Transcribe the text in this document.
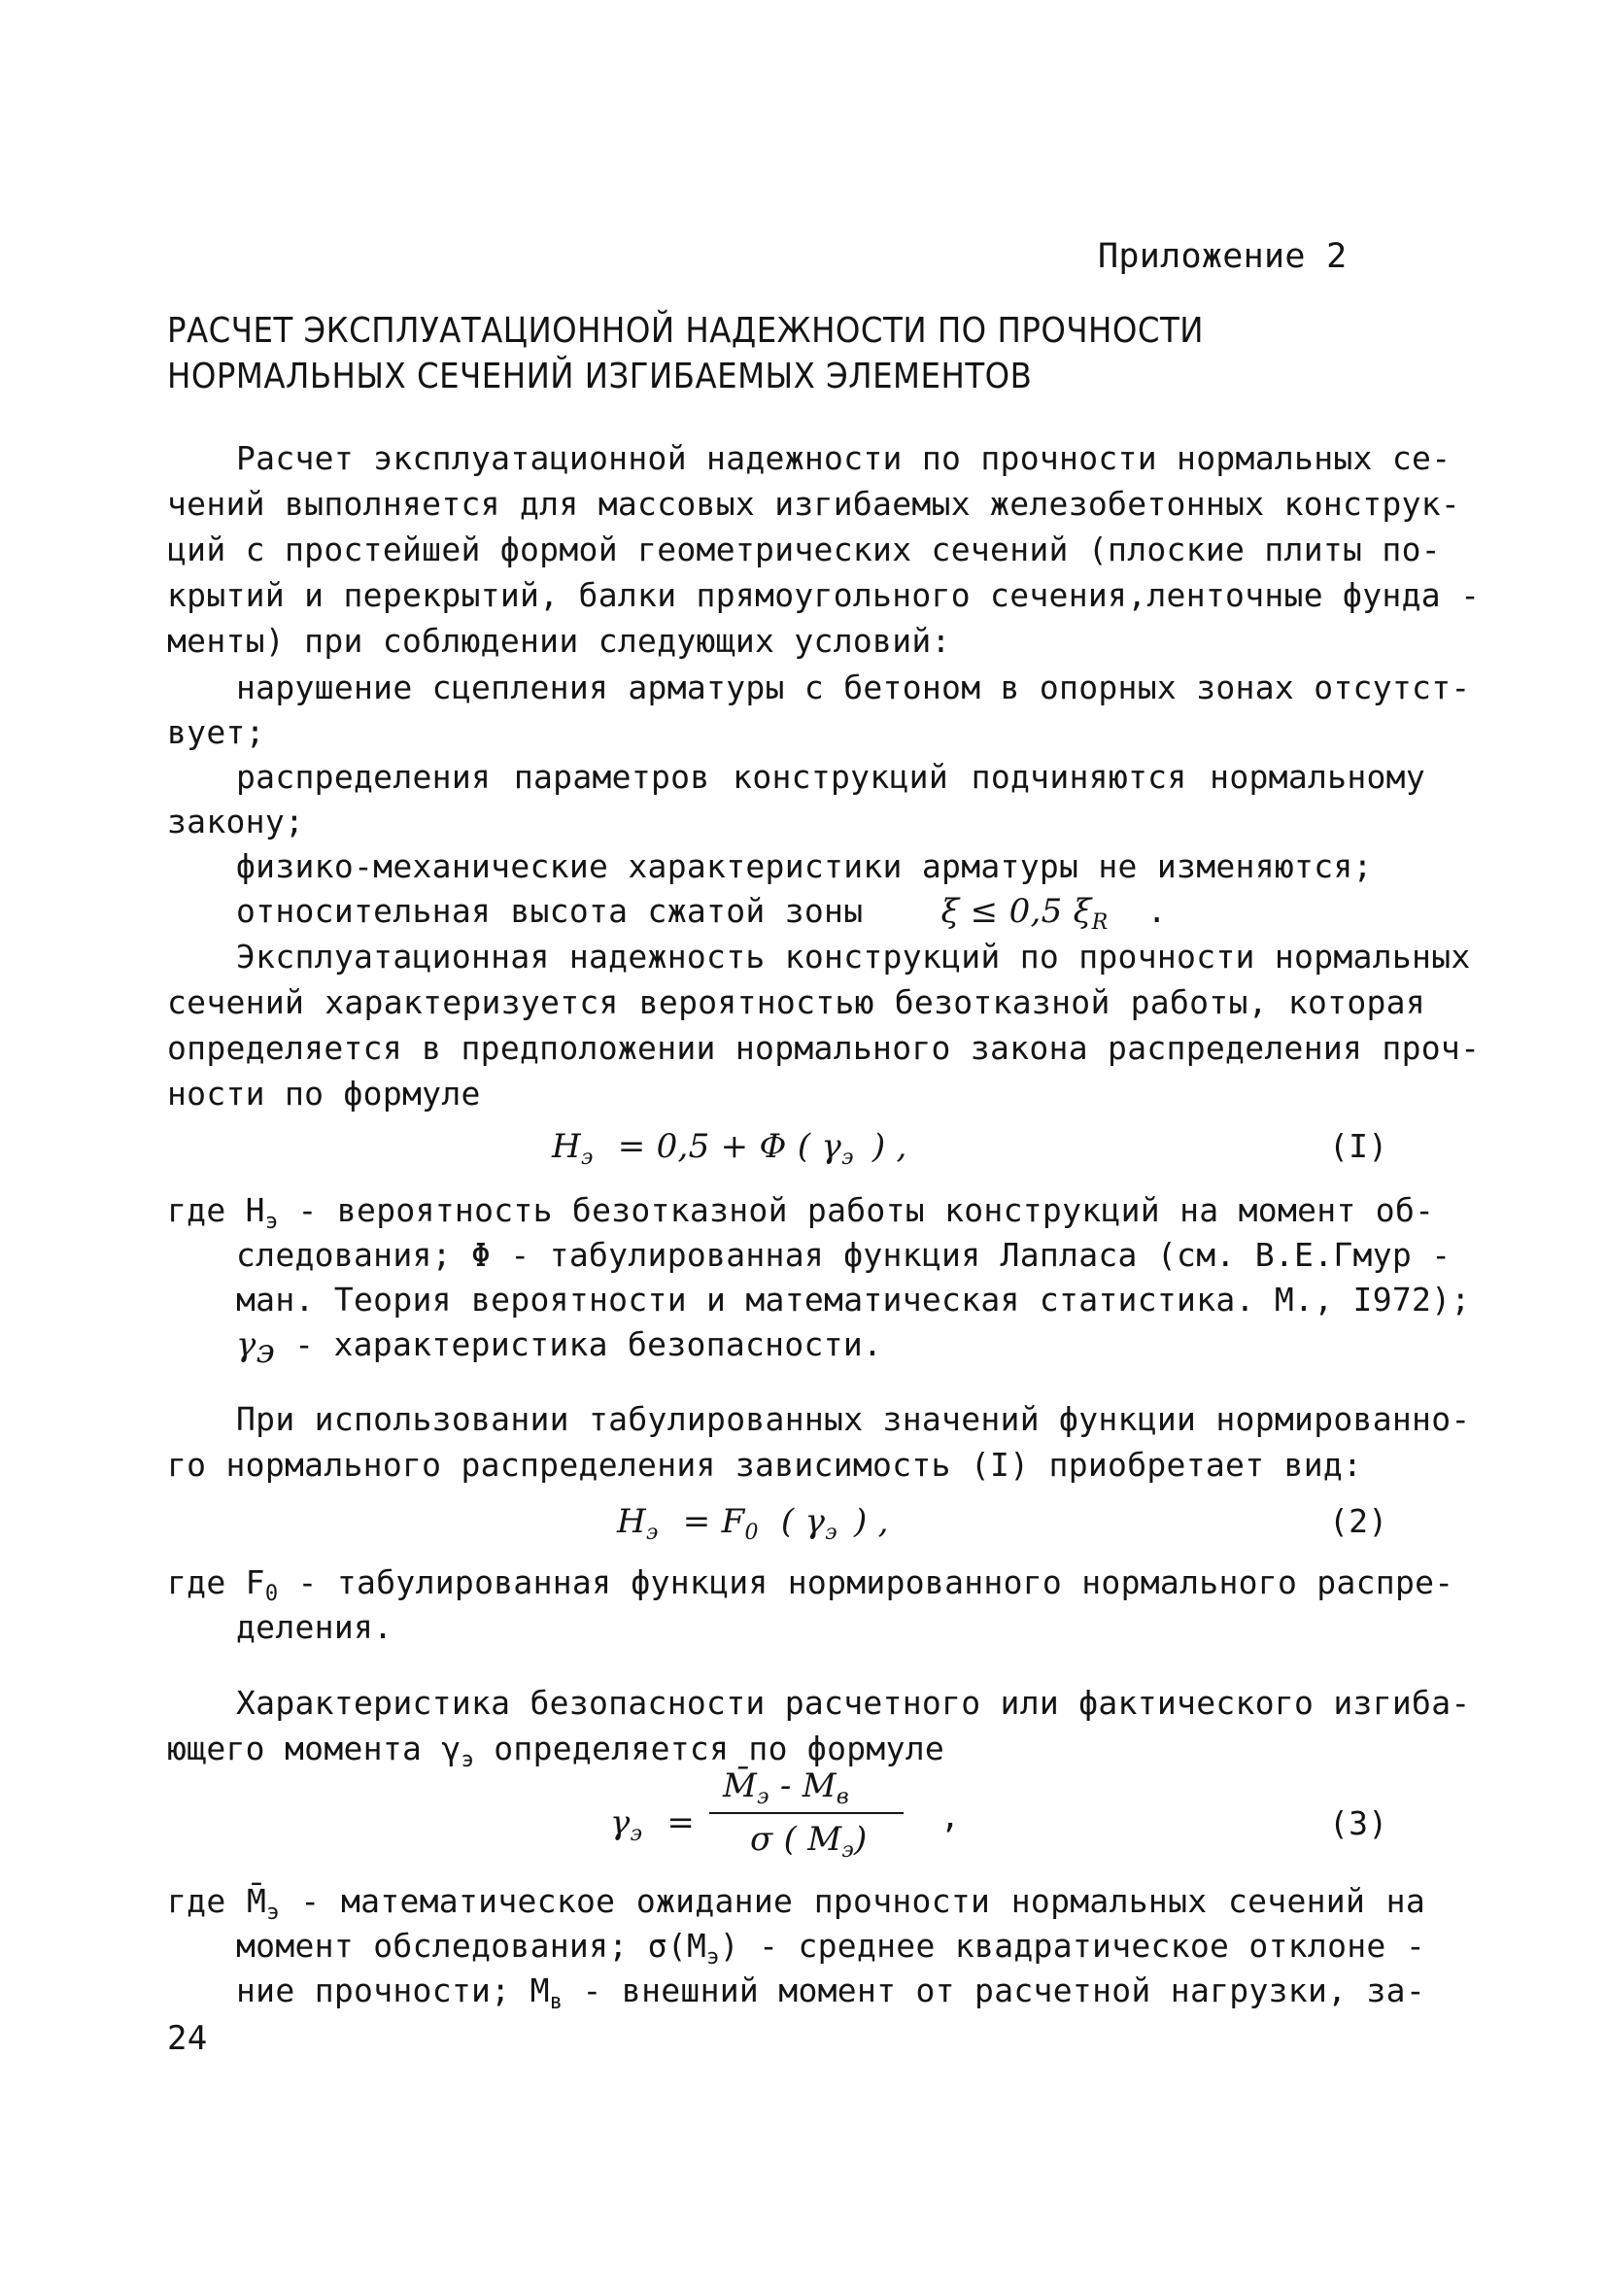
Приложение 2
РАСЧЕТ ЭКСПЛУАТАЦИОННОЙ НАДЕЖНОСТИ ПО ПРОЧНОСТИ
НОРМАЛЬНЫХ СЕЧЕНИЙ ИЗГИБАЕМЫХ ЭЛЕМЕНТОВ
Расчет эксплуатационной надежности по прочности нормальных се-
чений выполняется для массовых изгибаемых железобетонных конструк-
ций с простейшей формой геометрических сечений (плоские плиты по-
крытий и перекрытий, балки прямоугольного сечения,ленточные фунда -
менты) при соблюдении следующих условий:
нарушение сцепления арматуры с бетоном в опорных зонах отсутст-
вует;
распределения параметров конструкций подчиняются нормальному
закону;
физико-механические характеристики арматуры не изменяются;
относительная высота сжатой зоны ξ ≤ 0,5 $\xi_R$ .
Эксплуатационная надежность конструкций по прочности нормальных
сечений характеризуется вероятностью безотказной работы, которая
определяется в предположении нормального закона распределения проч-
ности по формуле
$H_э = 0,5 + \Phi$ ( $\gamma_э$ ) ,	(I)
где $H_э$ - вероятность безотказной работы конструкций на момент об-
следования; Φ - табулированная функция Лапласа (см. В.Е.Гмур -
ман. Теория вероятности и математическая статистика. М., I972);
$\gamma_э$ - характеристика безопасности.
При использовании табулированных значений функции нормированно-
го нормального распределения зависимость (I) приобретает вид:
$H_э = F_0$ ( $\gamma_э$ ) ,	(2)
где $F_0$ - табулированная функция нормированного нормального распре-
деления.
Характеристика безопасности расчетного или фактического изгиба-
ющего момента $\gamma_э$ определяется по формуле
$\gamma_э$ =
$M̄_э - M_в$
σ ( $M_э$)
,	(3)
где $M̄_э$ - математическое ожидание прочности нормальных сечений на
момент обследования; $\sigma(M_э)$ - среднее квадратическое отклоне -
ние прочности; $M_в$ - внешний момент от расчетной нагрузки, за-
24
